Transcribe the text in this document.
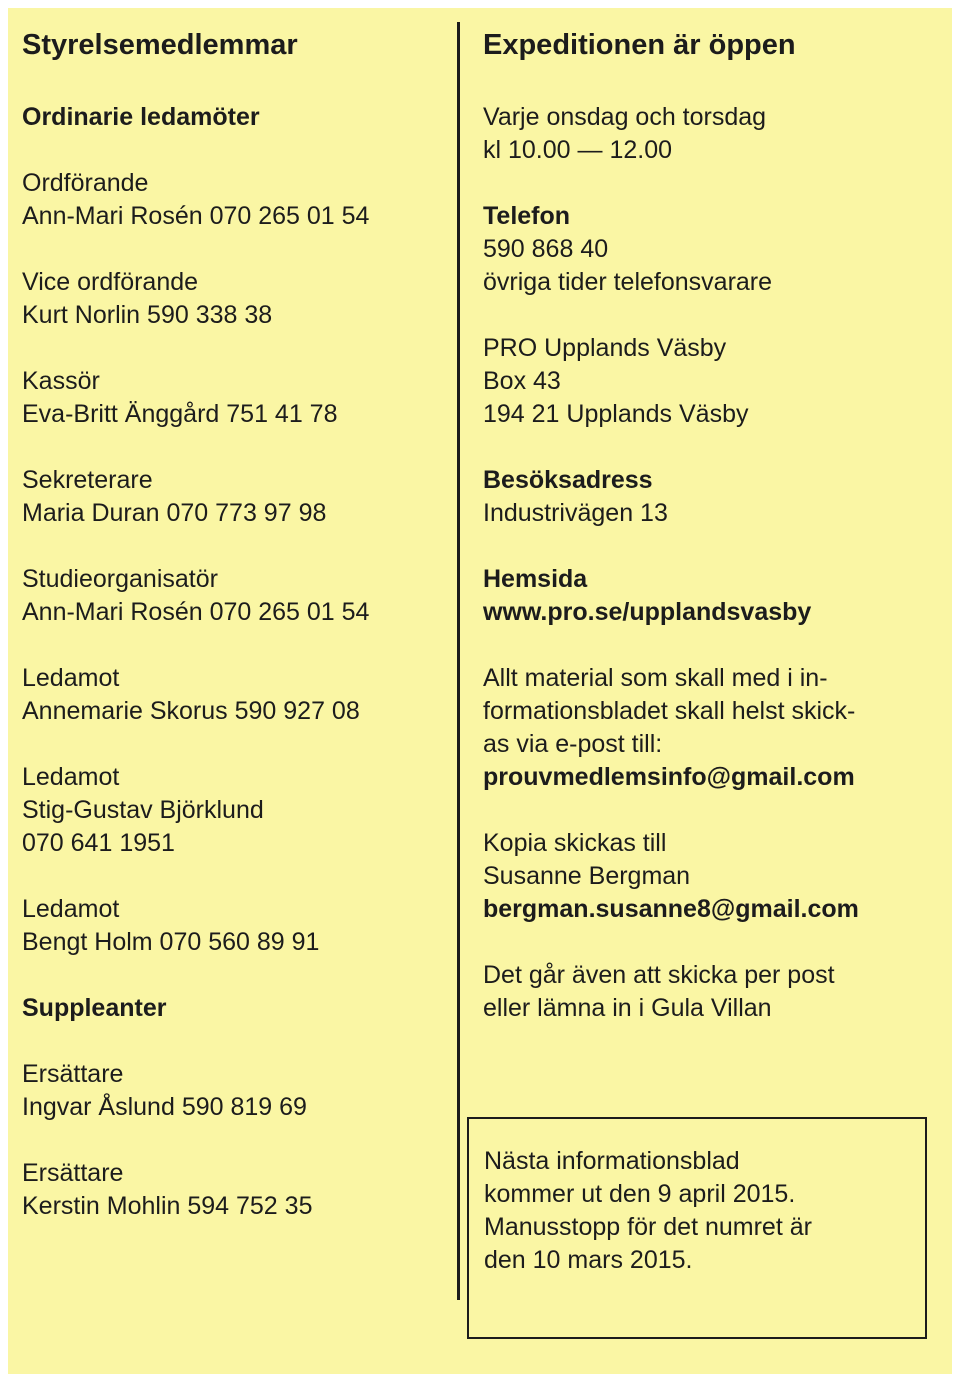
Styrelsemedlemmar
Ordinarie ledamöter
Ordförande
Ann-Mari Rosén 070 265 01 54
Vice ordförande
Kurt Norlin 590 338 38
Kassör
Eva-Britt Änggård 751 41 78
Sekreterare
Maria Duran 070 773 97 98
Studieorganisatör
Ann-Mari Rosén 070 265 01 54
Ledamot
Annemarie Skorus 590 927 08
Ledamot
Stig-Gustav Björklund
070 641 1951
Ledamot
Bengt Holm 070 560 89 91
Suppleanter
Ersättare
Ingvar Åslund 590 819 69
Ersättare
Kerstin Mohlin 594 752 35
Expeditionen är öppen
Varje onsdag och torsdag
kl 10.00 — 12.00
Telefon
590 868 40
övriga tider telefonsvarare
PRO Upplands Väsby
Box 43
194 21 Upplands Väsby
Besöksadress
Industrivägen 13
Hemsida
www.pro.se/upplandsvasby
Allt material som skall med i in-
formationsbladet skall helst skick-
as via e-post till:
prouvmedlemsinfo@gmail.com
Kopia skickas till
Susanne Bergman
bergman.susanne8@gmail.com
Det går även att skicka per post
eller lämna in i Gula Villan
Nästa informationsblad
kommer ut den 9 april 2015.
Manusstopp för det numret är
den 10 mars 2015.
